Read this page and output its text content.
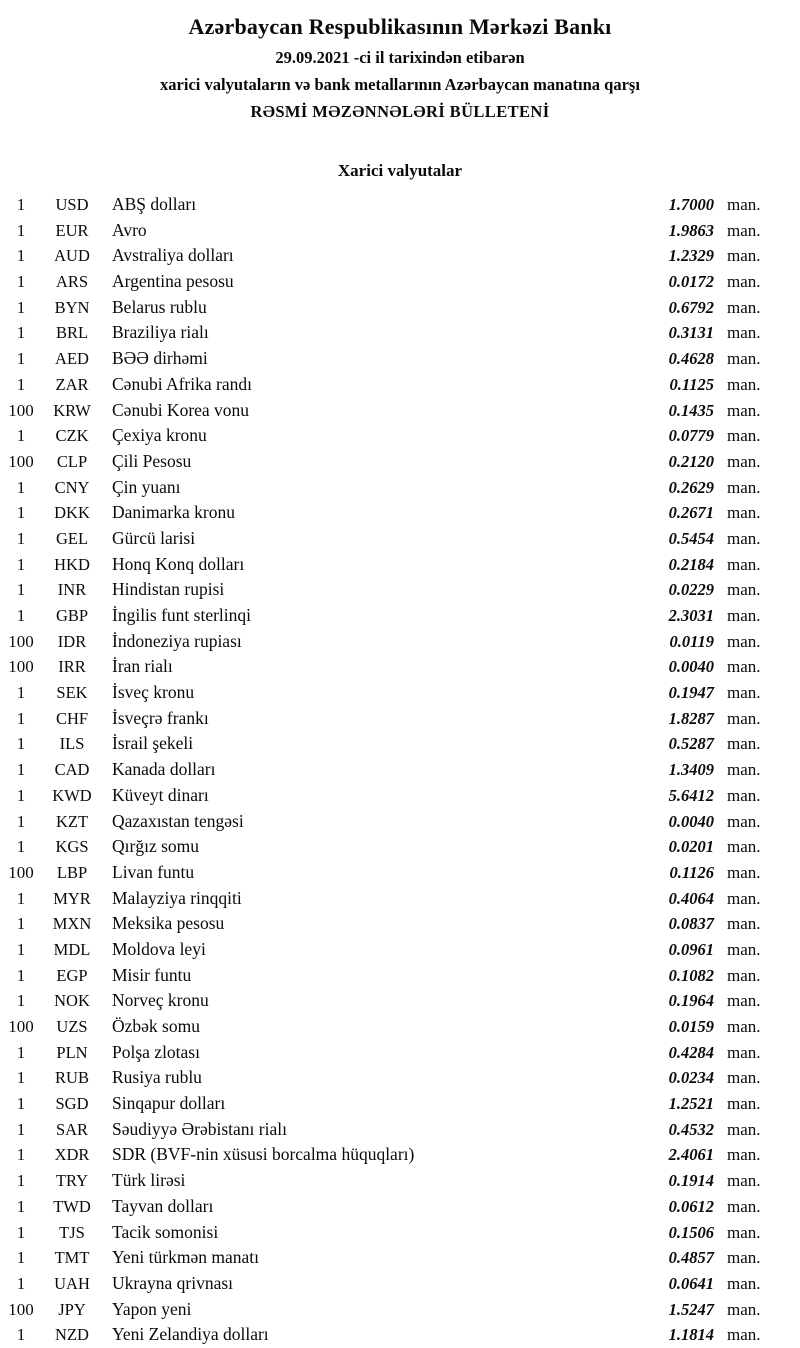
Azərbaycan Respublikasının Mərkəzi Bankı

29.09.2021 -ci il tarixindən etibarən

xarici valyutaların və bank metallarının Azərbaycan manatına qarşı

RƏSMİ MƏZƏNNƏLƏRİ BÜLLETENİ

Xarici valyutalar
1	USD	ABŞ dolları	1.7000 man.
1	EUR	Avro	1.9863 man.
1	AUD	Avstraliya dolları	1.2329 man.
1	ARS	Argentina pesosu	0.0172 man.
1	BYN	Belarus rublu	0.6792 man.
1	BRL	Braziliya rialı	0.3131 man.
1	AED	BƏƏ dirhəmi	0.4628 man.
1	ZAR	Cənubi Afrika randı	0.1125 man.
100	KRW	Cənubi Korea vonu	0.1435 man.
1	CZK	Çexiya kronu	0.0779 man.
100	CLP	Çili Pesosu	0.2120 man.
1	CNY	Çin yuanı	0.2629 man.
1	DKK	Danimarka kronu	0.2671 man.
1	GEL	Gürcü larisi	0.5454 man.
1	HKD	Honq Konq dolları	0.2184 man.
1	INR	Hindistan rupisi	0.0229 man.
1	GBP	İngilis funt sterlinqi	2.3031 man.
100	IDR	İndoneziya rupiası	0.0119 man.
100	IRR	İran rialı	0.0040 man.
1	SEK	İsveç kronu	0.1947 man.
1	CHF	İsveçrə frankı	1.8287 man.
1	ILS	İsrail şekeli	0.5287 man.
1	CAD	Kanada dolları	1.3409 man.
1	KWD	Küveyt dinarı	5.6412 man.
1	KZT	Qazaxıstan tengəsi	0.0040 man.
1	KGS	Qırğız somu	0.0201 man.
100	LBP	Livan funtu	0.1126 man.
1	MYR	Malayziya rinqqiti	0.4064 man.
1	MXN	Meksika pesosu	0.0837 man.
1	MDL	Moldova leyi	0.0961 man.
1	EGP	Misir funtu	0.1082 man.
1	NOK	Norveç kronu	0.1964 man.
100	UZS	Özbək somu	0.0159 man.
1	PLN	Polşa zlotası	0.4284 man.
1	RUB	Rusiya rublu	0.0234 man.
1	SGD	Sinqapur dolları	1.2521 man.
1	SAR	Səudiyyə Ərəbistanı rialı	0.4532 man.
1	XDR	SDR (BVF-nin xüsusi borcalma hüquqları)	2.4061 man.
1	TRY	Türk lirəsi	0.1914 man.
1	TWD	Tayvan dolları	0.0612 man.
1	TJS	Tacik somonisi	0.1506 man.
1	TMT	Yeni türkmən manatı	0.4857 man.
1	UAH	Ukrayna qrivnası	0.0641 man.
100	JPY	Yapon yeni	1.5247 man.
1	NZD	Yeni Zelandiya dolları	1.1814 man.
